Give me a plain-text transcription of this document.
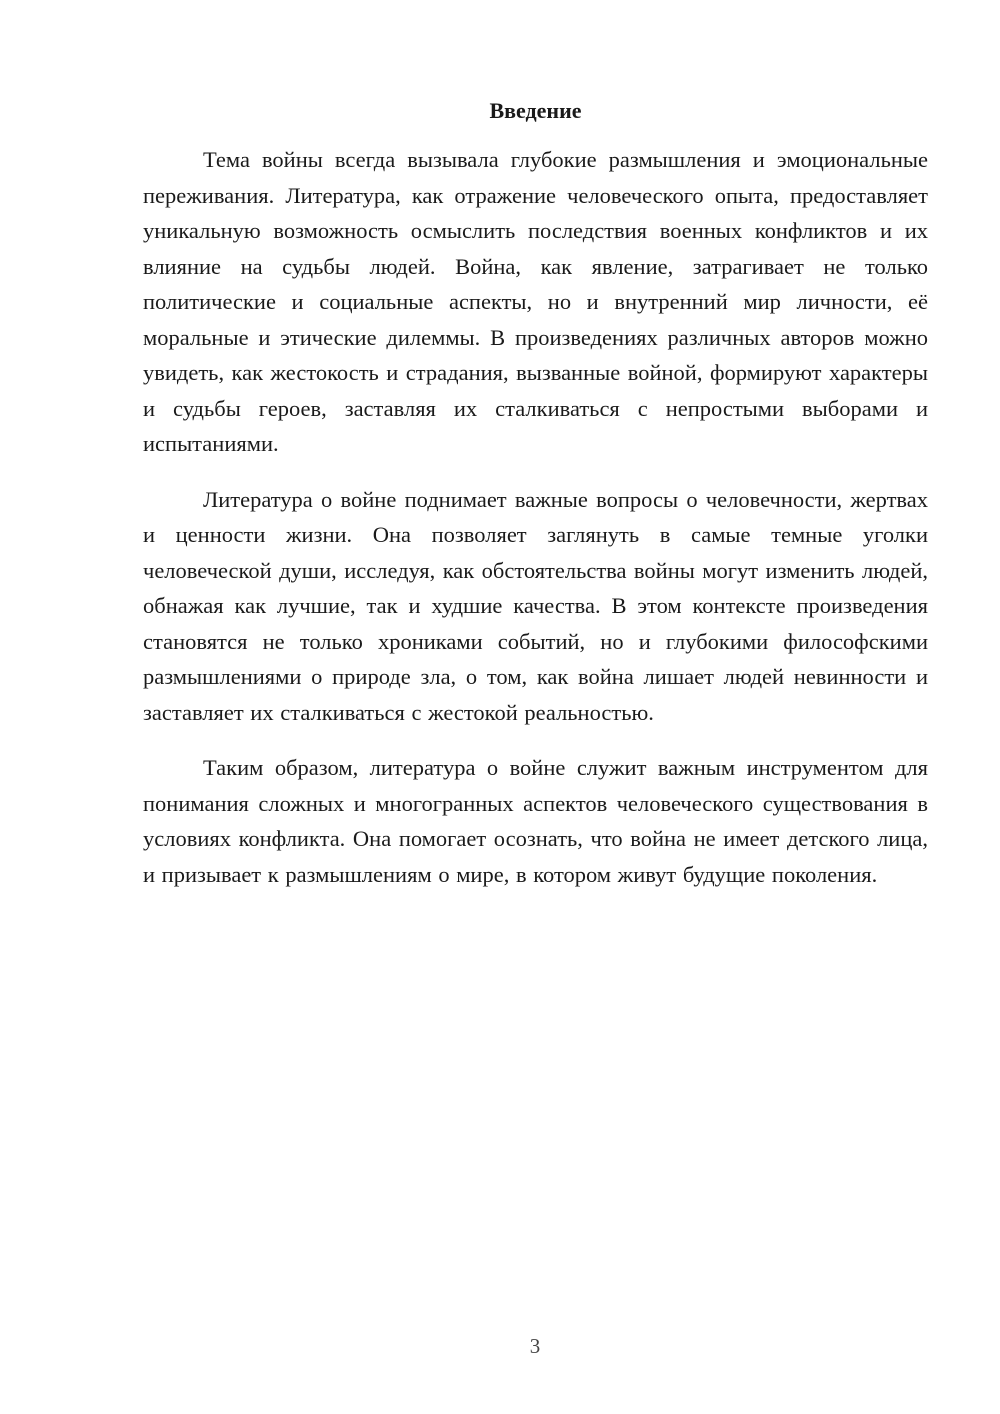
Введение

Тема войны всегда вызывала глубокие размышления и эмоциональные переживания. Литература, как отражение человеческого опыта, предоставляет уникальную возможность осмыслить последствия военных конфликтов и их влияние на судьбы людей. Война, как явление, затрагивает не только политические и социальные аспекты, но и внутренний мир личности, её моральные и этические дилеммы. В произведениях различных авторов можно увидеть, как жестокость и страдания, вызванные войной, формируют характеры и судьбы героев, заставляя их сталкиваться с непростыми выборами и испытаниями.

Литература о войне поднимает важные вопросы о человечности, жертвах и ценности жизни. Она позволяет заглянуть в самые темные уголки человеческой души, исследуя, как обстоятельства войны могут изменить людей, обнажая как лучшие, так и худшие качества. В этом контексте произведения становятся не только хрониками событий, но и глубокими философскими размышлениями о природе зла, о том, как война лишает людей невинности и заставляет их сталкиваться с жестокой реальностью.

Таким образом, литература о войне служит важным инструментом для понимания сложных и многогранных аспектов человеческого существования в условиях конфликта. Она помогает осознать, что война не имеет детского лица, и призывает к размышлениям о мире, в котором живут будущие поколения.

3
